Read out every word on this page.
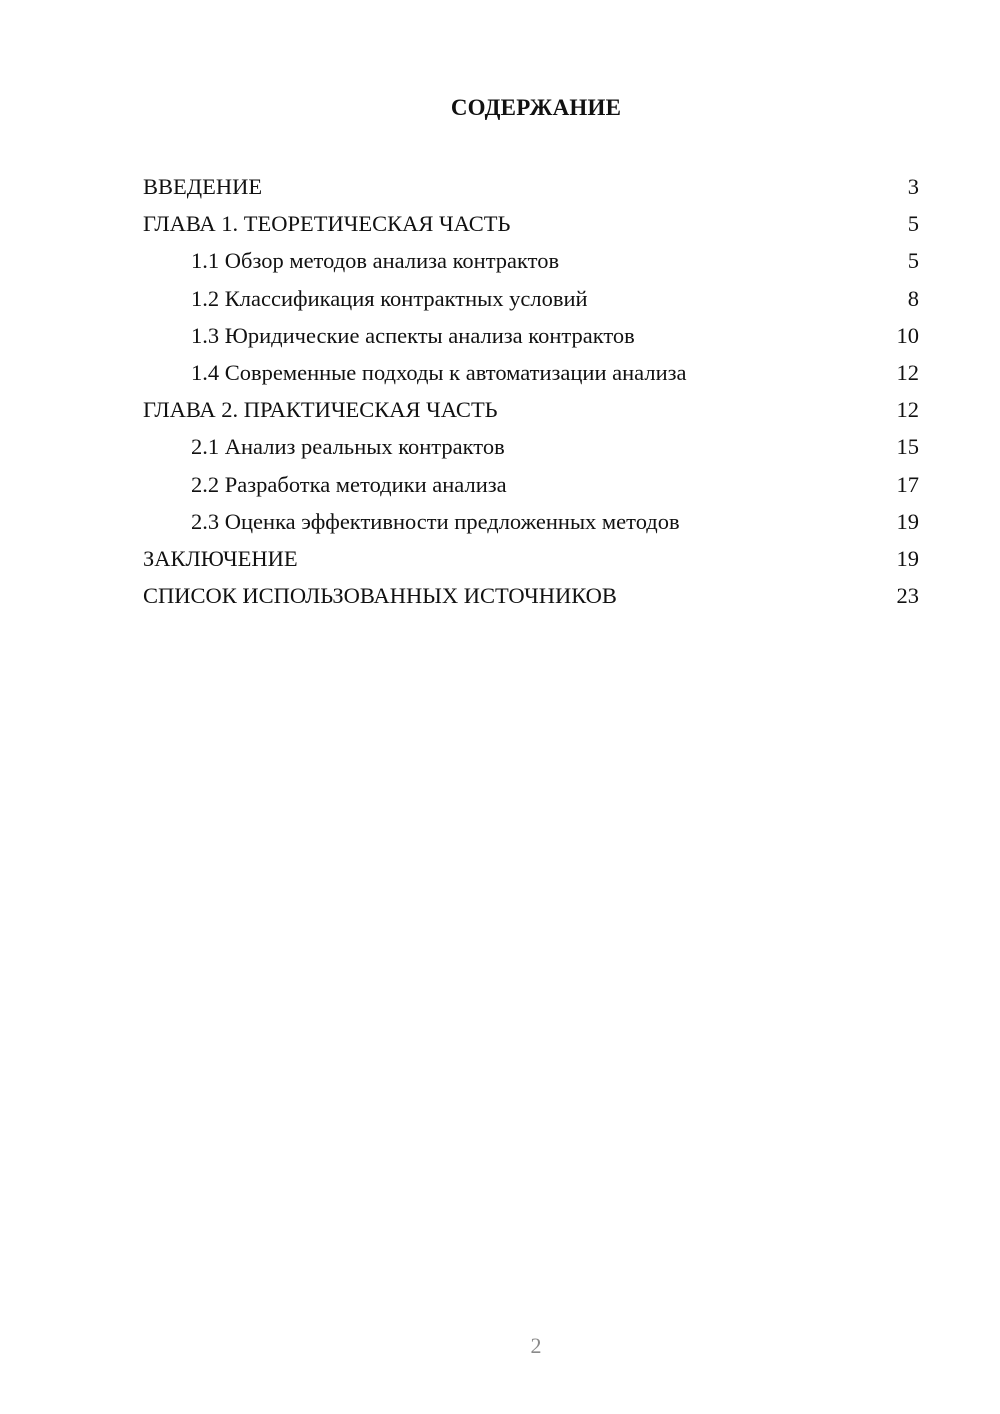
СОДЕРЖАНИЕ
ВВЕДЕНИЕ	3
ГЛАВА 1. ТЕОРЕТИЧЕСКАЯ ЧАСТЬ	5
1.1 Обзор методов анализа контрактов	5
1.2 Классификация контрактных условий	8
1.3 Юридические аспекты анализа контрактов	10
1.4 Современные подходы к автоматизации анализа	12
ГЛАВА 2. ПРАКТИЧЕСКАЯ ЧАСТЬ	12
2.1 Анализ реальных контрактов	15
2.2 Разработка методики анализа	17
2.3 Оценка эффективности предложенных методов	19
ЗАКЛЮЧЕНИЕ	19
СПИСОК ИСПОЛЬЗОВАННЫХ ИСТОЧНИКОВ	23
2
